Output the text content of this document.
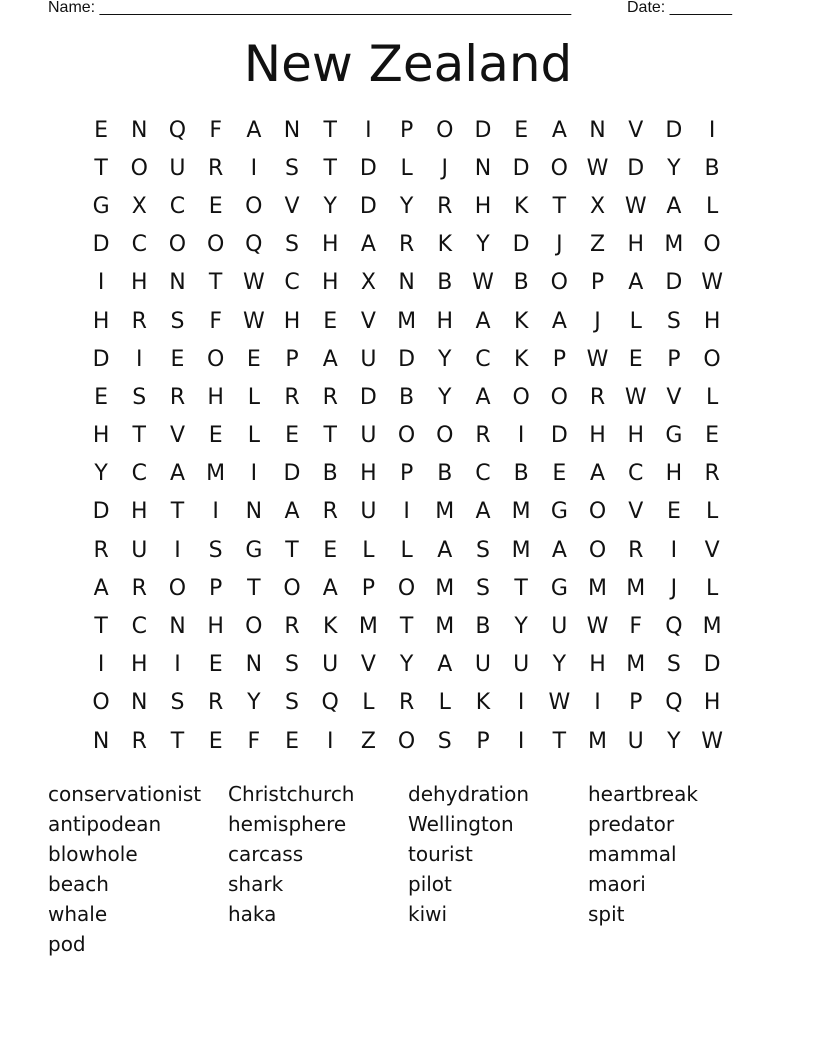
Name: _____________________________________________________	Date: _______
New Zealand
E	N Q	F	A	N	T	I	P	O D	E	A	N	V	D	I
T	O U	R	I	S	T	D	L	J	N D O W D	Y	B
G	X	C	E	O	V	Y	D	Y	R	H	K	T	X W A	L
D	C O O Q	S	H	A	R	K	Y	D	J	Z	H M O
I	H N	T W C	H	X	N	B W B O	P	A	D W
H	R	S	F W H	E	V M H	A	K	A	J	L	S	H
D	I	E	O	E	P	A	U D	Y	C	K	P W E	P	O
E	S	R	H	L	R	R	D	B	Y	A O O R W V	L
H	T	V	E	L	E	T	U O O R	I	D H H G	E
Y	C	A M	I	D	B	H	P	B	C	B	E	A	C	H	R
D H	T	I	N	A	R	U	I	M A M G O	V	E	L
R	U	I	S	G	T	E	L	L	A	S M A O R	I	V
A	R O	P	T	O	A	P	O M S	T	G M M	J	L
T	C	N H O R	K M T M B	Y	U W F	Q M
I	H	I	E	N	S	U	V	Y	A	U	U	Y	H M S	D
O N	S	R	Y	S	Q	L	R	L	K	I	W	I	P	Q H
N	R	T	E	F	E	I	Z O	S	P	I	T M U	Y W
conservationist	Christchurch	dehydration	heartbreak
antipodean	hemisphere	Wellington	predator
blowhole	carcass	tourist	mammal
beach	shark	pilot	maori
whale	haka	kiwi	spit
pod
